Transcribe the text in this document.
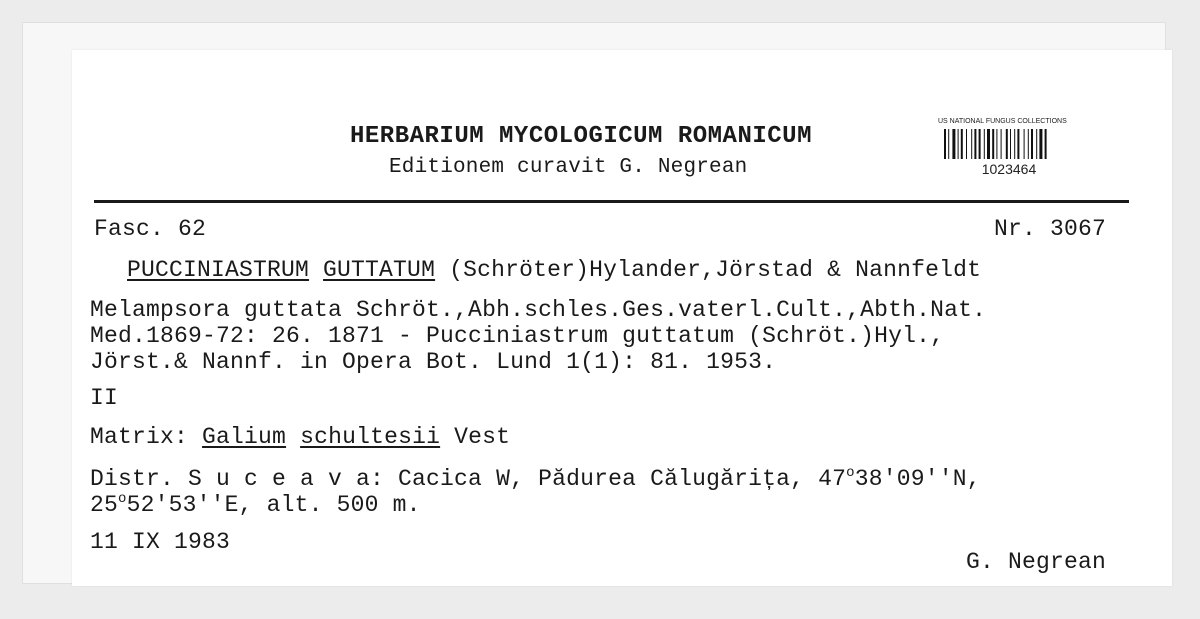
HERBARIUM MYCOLOGICUM ROMANICUM
Editionem curavit G. Negrean
US NATIONAL FUNGUS COLLECTIONS
1023464
Fasc. 62	Nr. 3067
PUCCINIASTRUM GUTTATUM (Schröter)Hylander,Jörstad & Nannfeldt
Melampsora guttata Schröt.,Abh.schles.Ges.vaterl.Cult.,Abth.Nat.
Med.1869-72: 26. 1871 - Pucciniastrum guttatum (Schröt.)Hyl.,
Jörst.& Nannf. in Opera Bot. Lund 1(1): 81. 1953.
II
Matrix: Galium schultesii Vest
Distr. S u c e a v a: Cacica W, Pădurea Călugărița, 47$^o$38'09''N,
25$^o$52'53''E, alt. 500 m.
11 IX 1983
G. Negrean
